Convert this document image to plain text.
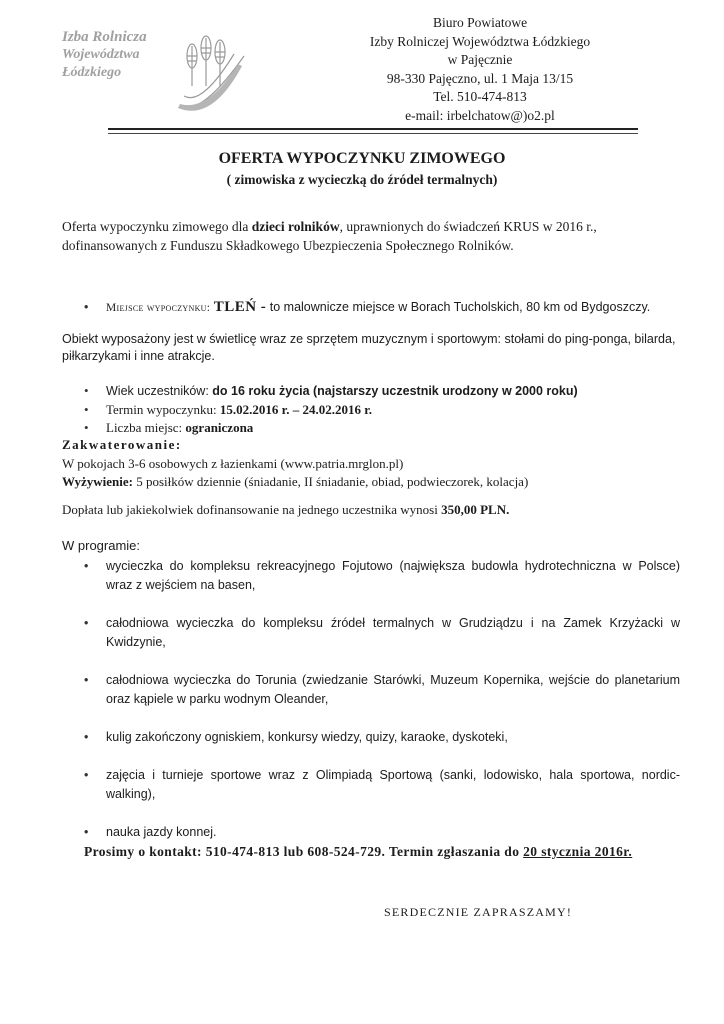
Izba Rolnicza
Województwa
Łódzkiego
Biuro Powiatowe
Izby Rolniczej Województwa Łódzkiego
w Pajęcznie
98-330 Pajęczno, ul. 1 Maja 13/15
Tel. 510-474-813
e-mail: irbelchatow@)o2.pl
OFERTA WYPOCZYNKU ZIMOWEGO
( zimowiska z wycieczką do źródeł termalnych)
Oferta wypoczynku zimowego dla dzieci rolników, uprawnionych do świadczeń KRUS w 2016 r., dofinansowanych z Funduszu Składkowego Ubezpieczenia Społecznego Rolników.
• Miejsce wypoczynku: TLEŃ - to malownicze miejsce w Borach Tucholskich, 80 km od Bydgoszczy.
Obiekt wyposażony jest w świetlicę wraz ze sprzętem muzycznym i sportowym: stołami do ping-ponga, bilarda, piłkarzykami i inne atrakcje.
• Wiek uczestników: do 16 roku życia (najstarszy uczestnik urodzony w 2000 roku)
• Termin wypoczynku: 15.02.2016 r. – 24.02.2016 r.
• Liczba miejsc: ograniczona
Zakwaterowanie:
W pokojach 3-6 osobowych z łazienkami (www.patria.mrglon.pl)
Wyżywienie: 5 posiłków dziennie (śniadanie, II śniadanie, obiad, podwieczorek, kolacja)
Dopłata lub jakiekolwiek dofinansowanie na jednego uczestnika wynosi 350,00 PLN.
W programie:
• wycieczka do kompleksu rekreacyjnego Fojutowo (największa budowla hydrotechniczna w Polsce) wraz z wejściem na basen,
• całodniowa wycieczka do kompleksu źródeł termalnych w Grudziądzu i na Zamek Krzyżacki w Kwidzynie,
• całodniowa wycieczka do Torunia (zwiedzanie Starówki, Muzeum Kopernika, wejście do planetarium oraz kąpiele w parku wodnym Oleander,
• kulig zakończony ogniskiem, konkursy wiedzy, quizy, karaoke, dyskoteki,
• zajęcia i turnieje sportowe wraz z Olimpiadą Sportową (sanki, lodowisko, hala sportowa, nordic-walking),
• nauka jazdy konnej.
Prosimy o kontakt: 510-474-813 lub 608-524-729. Termin zgłaszania do 20 stycznia 2016r.
SERDECZNIE ZAPRASZAMY!
